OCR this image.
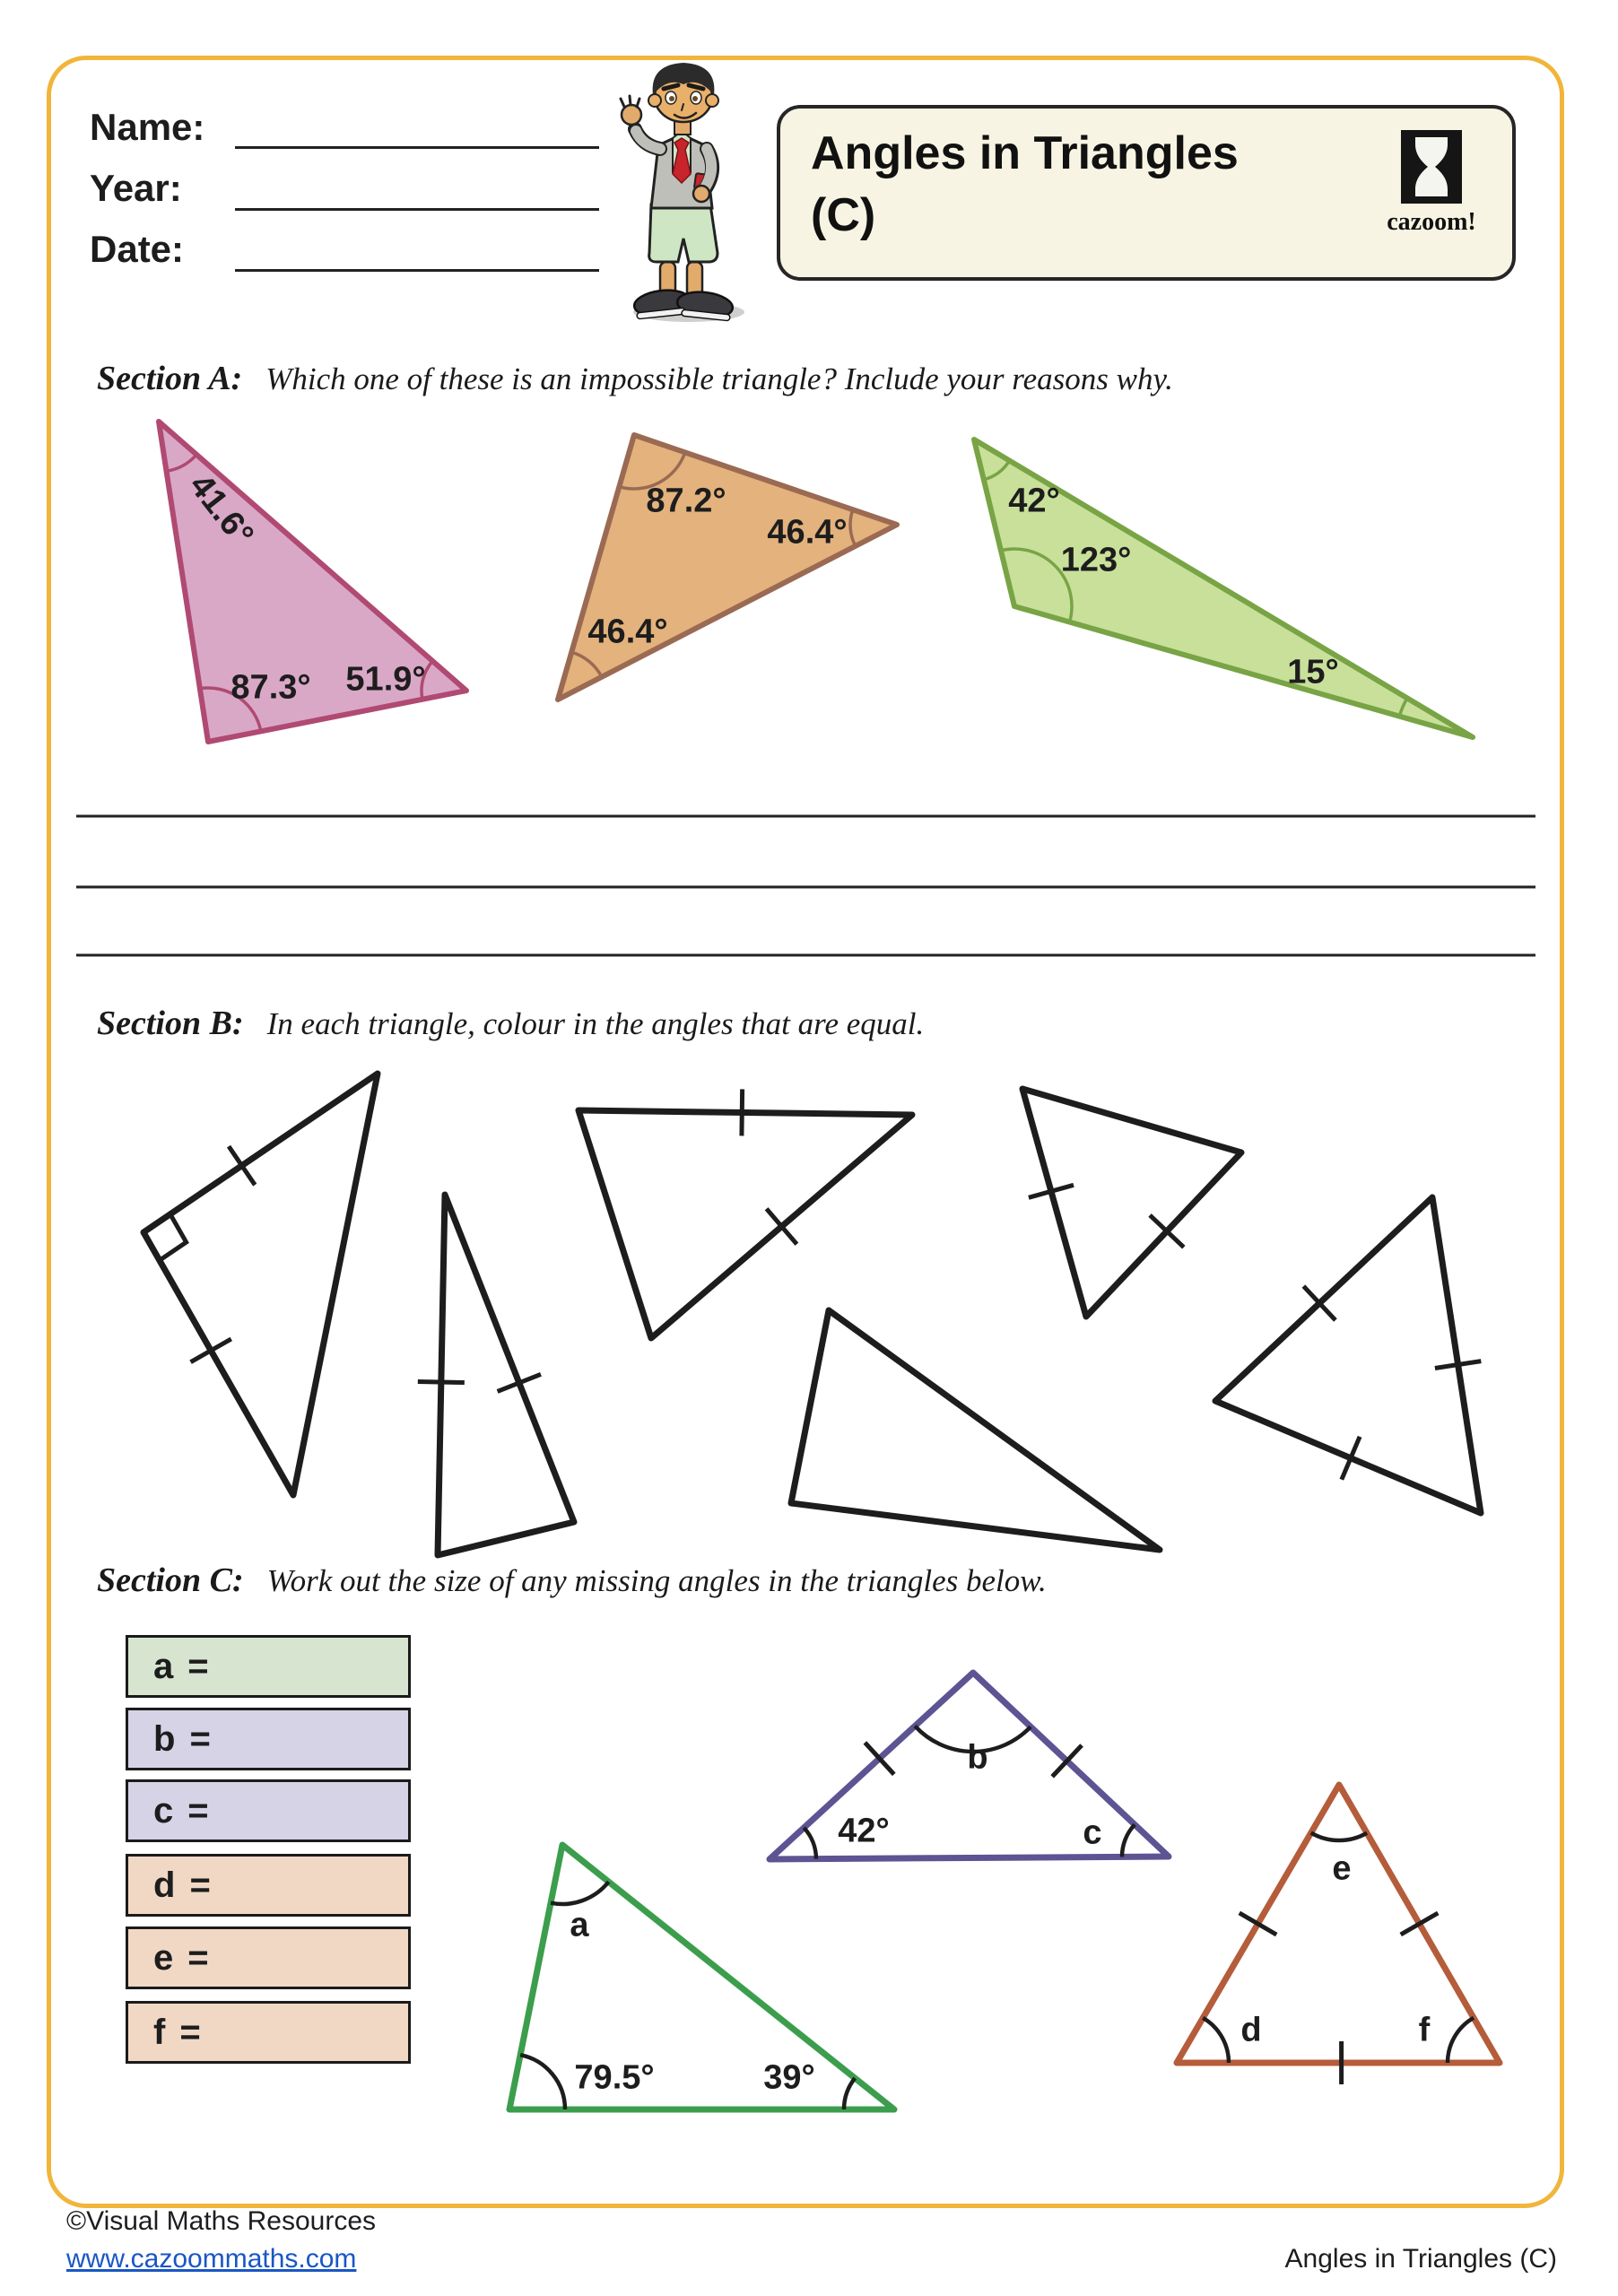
Name:
Year:
Date:
Angles in Triangles
(C)	cazoom!
Section A: Which one of these is an impossible triangle? Include your reasons why.
Section B: In each triangle, colour in the angles that are equal.
Section C: Work out the size of any missing angles in the triangles below.
a =
b =
c =
d =
e =
f =
41.6°
87.3° 51.9°
87.2°
46.4°
46.4°
42°
123°
15°
a
79.5°	39°
b
42°	c
e
d	f
©Visual Maths Resources
www.cazoommaths.com	Angles in Triangles (C)
